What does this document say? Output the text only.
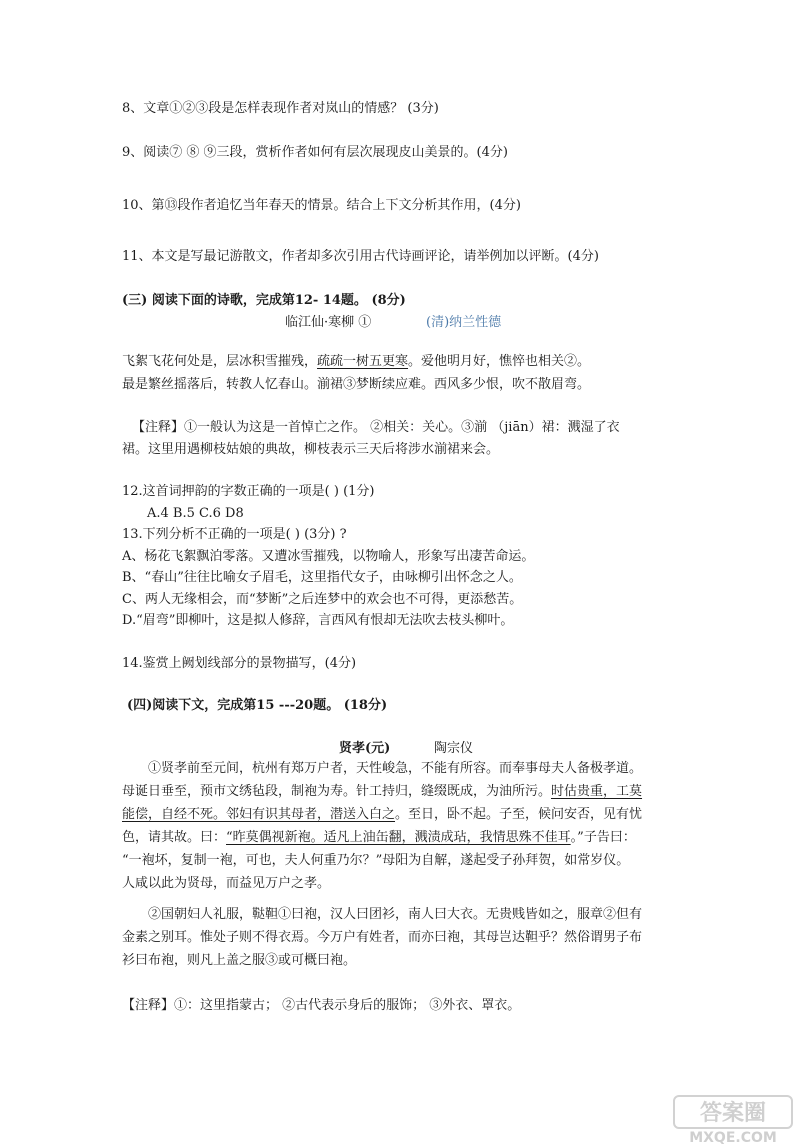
8、文章①②③段是怎样表现作者对岚山的情感？ (3分)
9、阅读⑦ ⑧ ⑨三段，赏析作者如何有层次展现皮山美景的。(4分)
10、第⑬段作者追忆当年春天的情景。结合上下文分析其作用，(4分)
11、本文是写最记游散文，作者却多次引用古代诗画评论，请举例加以评断。(4分)
(三) 阅读下面的诗歌，完成第12- 14题。 (8分)
临江仙·寒柳 ①	(清)纳兰性德
飞絮飞花何处是，层冰积雪摧残，疏疏一树五更寒。爱他明月好，憔悴也相关②。
最是繁丝摇落后，转教人忆春山。湔裙③梦断续应难。西风多少恨，吹不散眉弯。
【注释】①一般认为这是一首悼亡之作。 ②相关：关心。③湔 （jiān）裙：溅湿了衣
裙。这里用遇柳枝姑娘的典故，柳枝表示三天后将涉水湔裙来会。
12.这首词押韵的字数正确的一项是( ) (1分)
A.4 B.5 C.6 D8
13.下列分析不正确的一项是( ) (3分) ?
A、杨花飞絮飘泊零落。又遭冰雪摧残，以物喻人，形象写出凄苦命运。
B、“春山”往往比喻女子眉毛，这里指代女子，由咏柳引出怀念之人。
C、两人无缘相会，而“梦断”之后连梦中的欢会也不可得，更添愁苦。
D.“眉弯”即柳叶，这是拟人修辞，言西风有恨却无法吹去枝头柳叶。
14.鉴赏上阙划线部分的景物描写，(4分)
(四)阅读下文，完成第15 ---20题。 (18分)
贤孝(元)	陶宗仪
①贤孝前至元间，杭州有郑万户者，天性峻急，不能有所容。而奉事母夫人备极孝道。
母诞日垂至，预市文绣毡段，制袍为寿。针工持归，缝缀既成，为油所污。时估贵重，工莫
能偿，自经不死。邻妇有识其母者，潜送入白之。至日，卧不起。子至，候问安否，见有忧
色，请其故。曰：“昨莫偶视新袍。适凡上油缶翻，溅渍成玷，我情思殊不佳耳。”子告曰：
“一袍坏，复制一袍，可也，夫人何重乃尔？”母阳为自解，遂起受子孙拜贺，如常岁仪。
人咸以此为贤母，而益见万户之孝。
②国朝妇人礼服，鞑靼①曰袍，汉人曰团衫，南人曰大衣。无贵贱皆如之，服章②但有
金素之别耳。惟处子则不得衣焉。今万户有姓者，而亦曰袍，其母岂达靼乎？然俗谓男子布
衫曰布袍，则凡上盖之服③或可概曰袍。
【注释】①：这里指蒙古； ②古代表示身后的服饰； ③外衣、罩衣。
答案圈
MXQE.COM
